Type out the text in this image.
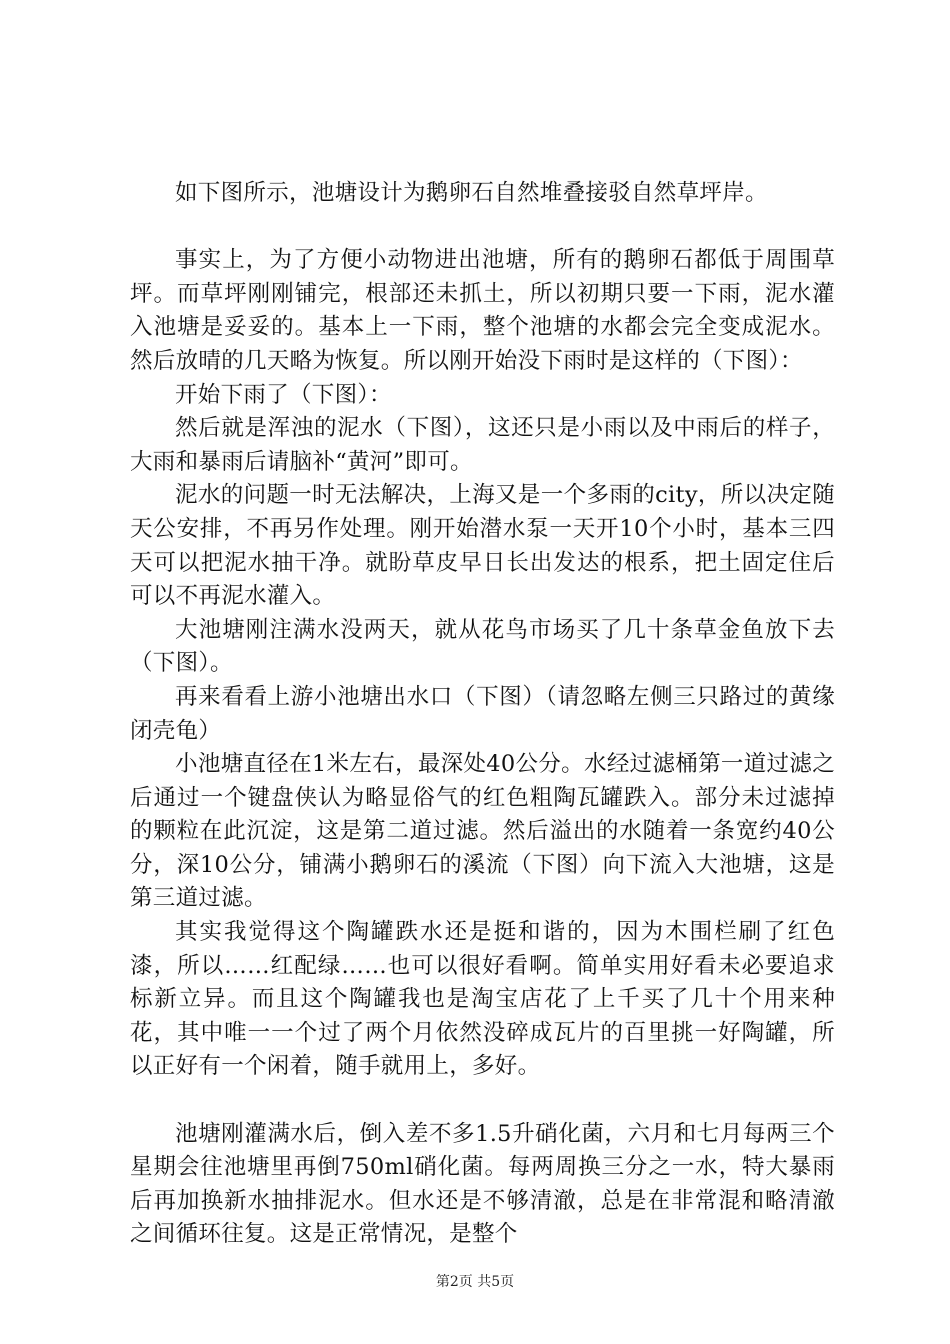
如下图所示，池塘设计为鹅卵石自然堆叠接驳自然草坪岸。

事实上，为了方便小动物进出池塘，所有的鹅卵石都低于周围草坪。而草坪刚刚铺完，根部还未抓土，所以初期只要一下雨，泥水灌入池塘是妥妥的。基本上一下雨，整个池塘的水都会完全变成泥水。然后放晴的几天略为恢复。所以刚开始没下雨时是这样的（下图）：

开始下雨了（下图）：

然后就是浑浊的泥水（下图），这还只是小雨以及中雨后的样子，大雨和暴雨后请脑补“黄河”即可。

泥水的问题一时无法解决，上海又是一个多雨的city，所以决定随天公安排，不再另作处理。刚开始潜水泵一天开10个小时，基本三四天可以把泥水抽干净。就盼草皮早日长出发达的根系，把土固定住后可以不再泥水灌入。

大池塘刚注满水没两天，就从花鸟市场买了几十条草金鱼放下去（下图）。

再来看看上游小池塘出水口（下图）（请忽略左侧三只路过的黄缘闭壳龟）

小池塘直径在1米左右，最深处40公分。水经过滤桶第一道过滤之后通过一个键盘侠认为略显俗气的红色粗陶瓦罐跌入。部分未过滤掉的颗粒在此沉淀，这是第二道过滤。然后溢出的水随着一条宽约40公分，深10公分，铺满小鹅卵石的溪流（下图）向下流入大池塘，这是第三道过滤。

其实我觉得这个陶罐跌水还是挺和谐的，因为木围栏刷了红色漆，所以……红配绿……也可以很好看啊。简单实用好看未必要追求标新立异。而且这个陶罐我也是淘宝店花了上千买了几十个用来种花，其中唯一一个过了两个月依然没碎成瓦片的百里挑一好陶罐，所以正好有一个闲着，随手就用上，多好。

池塘刚灌满水后，倒入差不多1.5升硝化菌，六月和七月每两三个星期会往池塘里再倒750ml硝化菌。每两周换三分之一水，特大暴雨后再加换新水抽排泥水。但水还是不够清澈，总是在非常混和略清澈之间循环往复。这是正常情况，是整个

第2页 共5页
